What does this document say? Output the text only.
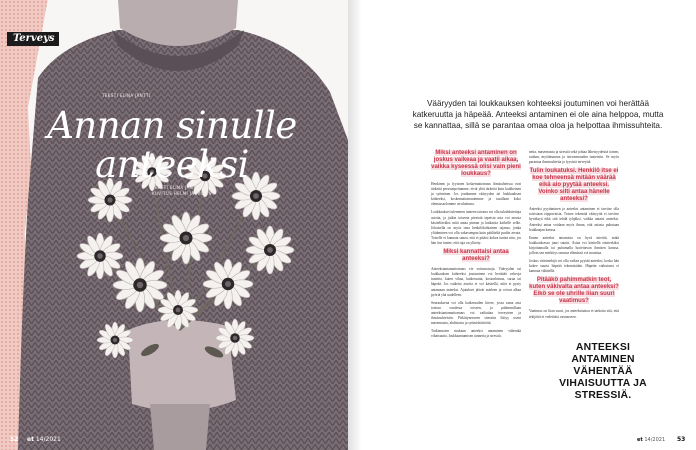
Terveys
TEKSTI ELINA JÄNTTI
Annan sinulle
anteeksi
TEKSTI ELINA JÄNTTI
KUVITUS HELMI JÄRVINEN
52 et 14/2021

Vääryyden tai loukkauksen kohteeksi joutuminen voi herättää katkeruutta ja häpeää. Anteeksi antaminen ei ole aina helppoa, mutta se kannattaa, sillä se parantaa omaa oloa ja helpottaa ihmissuhteita.

Miksi anteeksi antaminen on joskus vaikeaa ja vaatii aikaa, vaikka kyseessä olisi vain pieni loukkaus?

Henkinen ja fyysinen koskemattomuus ihmisuhteissa ovat tärkeitä perustarpeitamme, eivät yhtä tärkeitä kuin kaikkeinen ja syöminen. Jos joudumme vääryyden tai loukkauksen kohteeksi, koskemattomuutemme ja tasallaan koko olemassaolomme on uhattuna.

Loukkaukset tulemmen tunteen taivana voi olla tukahdutettuja asioita, ja jotkin toiseeta pienistä tapeista asia voi nousta käsiteltäväksi mitä antaa pinnan ja katkaista kaikelle selke. Jokaisella on myös oma henkilökohtainen rajansa, jonka ylittäminen voi olla vakavampaa kuin pääliteltä puolin arvata. Toiselle ei kannata sanoa, että ei pitäisi kokea tuntea niin, jos hän itse tuntee, että raja on ylitetty.

Miksi kannattaisi antaa anteeksi?

Anteeksiantamattomuus vie voimavaroja. Vääryyden tai loukkauksen kohteeksi joutuminen voi herättää vahvoja tunteita, kuten vihaa, katkeruutta, kostonhimoa, surua tai häpeää. Jos vaikeita asioita ei voi käsitellä, niitä ei pysty antamaan anteeksi. Ajatukset jäävät mieleen ja voivat alkaa pyöriä yhä uudelleen.

Seurauksena voi olla katkeruuden kierre, jossa sama asia toistuu vuodesta toiseen, ja pahimmillaan anteeksiantamattomuus voi vaikuttaa terveyteen ja ihmissuhteisiin. Pitkittyneeseen stressiin liittyy usein masennusta, ahdistusta ja syömishäiriöitä.

Tutkimusten mukaan anteeksi antaminen vähentää vihaisuutta, loukkaantumisen tunnetta ja stressiä.

netta, masennusta ja stressiä sekä johtaa läheisyydesttä toinen, rauhan, myötätunnon ja itsevarmuuden tunteisiin. Se myös parantaa ihmissuhteita ja fyysistä terveyttä.

Tulin loukatuksi. Henkilö itse ei koe tehneensä mitään väärää eikä aio pyytää anteeksi. Voinko silti antaa hänelle anteeksi?

Anteeksi pyytäminen ja anteeksi antaminen ei tarvitse olla toisistaan riippuvaisia. Toisen tekemää vääryyttä ei tarvitse hyväksyä eikä sitä tehdä tyhjäksi, vaikka antaisi anteeksi. Anteeksi antaa voidaan myös ilman, että asiasta puhutaan loukkaajan kanssa.

Ennen anteeksi antamista on hyvä miettiä, mikä loukkauksessa juuri satutti. Asiaa voi käsitellä esimerkiksi kirjoittamalla tai puhumalla luotettavan ihmisen kanssa, jolloin sen merkitys omassa elämässä voi muuttua.

Joskus väärintekijä voi olla vaikea pyytää anteeksi, koska hän kokee suurta häpeää tekemästään. Häpeän vaikutusta ei kannata vähätellä.

Pitääkö pahimmatkin teot, kuten väkivalta antaa anteeksi? Eikö se ole uhrille liian suuri vaatimus?

Vaatimus on liian suuri, jos anteeksiantoa ei tarkoita sitä, että tekijöitä ei vedettäisi vastuuseen.

ANTEEKSI ANTAMINEN VÄHENTÄÄ VIHAISUUTTA JA STRESSIÄ.

et 14/2021 53
